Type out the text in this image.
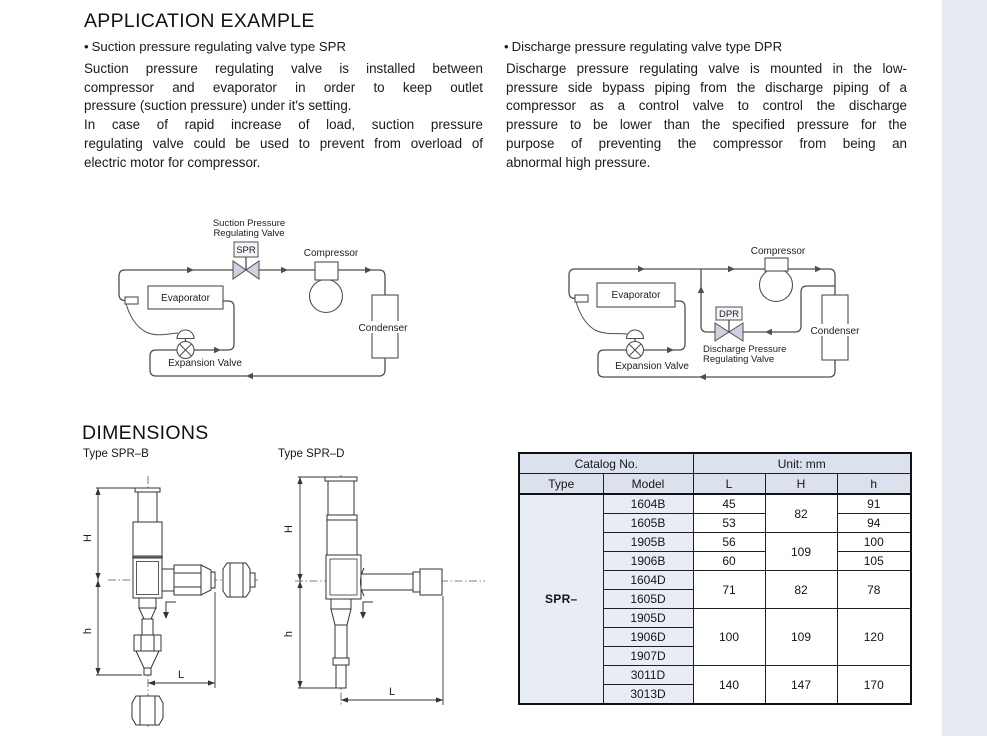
APPLICATION EXAMPLE
• Suction pressure regulating valve type SPR	• Discharge pressure regulating valve type DPR
Suction pressure regulating valve is installed between
compressor and evaporator in order to keep outlet
pressure (suction pressure) under it's setting.
In case of rapid increase of load, suction pressure
regulating valve could be used to prevent from overload of
electric motor for compressor.
Discharge pressure regulating valve is mounted in the low-
pressure side bypass piping from the discharge piping of a
compressor as a control valve to control the discharge
pressure to be lower than the specified pressure for the
purpose of preventing the compressor from being an
abnormal high pressure.
Evaporator
Compressor
Condenser
Expansion Valve
Suction Pressure
Regulating Valve
SPR
Evaporator
Compressor
Condenser
Expansion Valve
DPR
Discharge Pressure
Regulating Valve
DIMENSIONS
Type SPR–B	Type SPR–D
H
h
L
H
h
L
Catalog No.		Unit: mm		
Type	Model	L	H	h
SPR–	1604B	45	82	91
	1605B	53		94
	1905B	56	109	100
	1906B	60		105
	1604D	71	82	78
	1605D			
	1905D	100	109	120
	1906D			
	1907D			
	3011D	140	147	170
	3013D			
